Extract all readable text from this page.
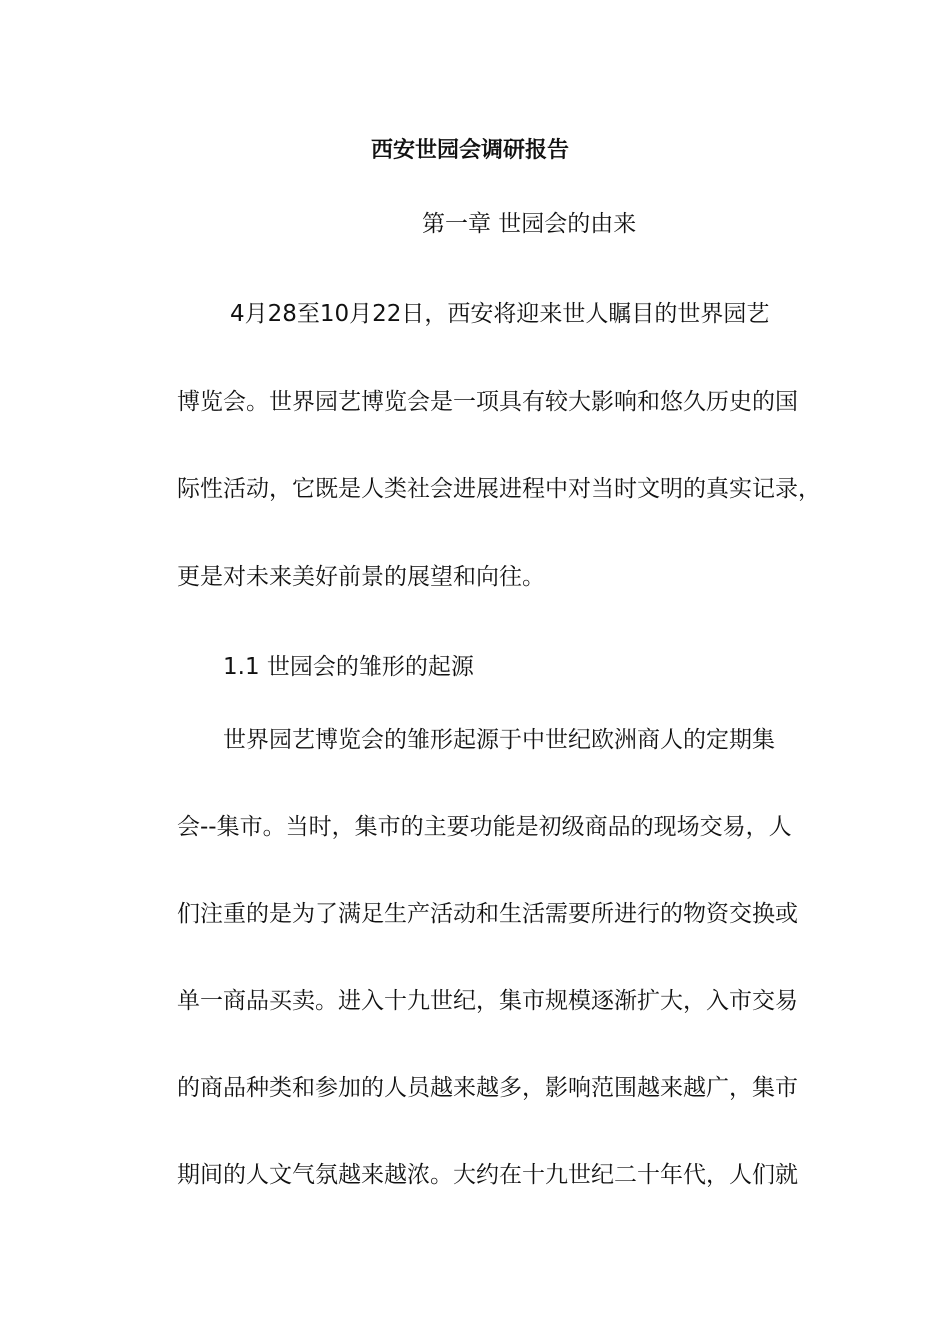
西安世园会调研报告
第一章 世园会的由来
4月28至10月22日，西安将迎来世人瞩目的世界园艺
博览会。世界园艺博览会是一项具有较大影响和悠久历史的国
际性活动，它既是人类社会进展进程中对当时文明的真实记录，
更是对未来美好前景的展望和向往。
1.1 世园会的雏形的起源
世界园艺博览会的雏形起源于中世纪欧洲商人的定期集
会--集市。当时，集市的主要功能是初级商品的现场交易，人
们注重的是为了满足生产活动和生活需要所进行的物资交换或
单一商品买卖。进入十九世纪，集市规模逐渐扩大，入市交易
的商品种类和参加的人员越来越多，影响范围越来越广，集市
期间的人文气氛越来越浓。大约在十九世纪二十年代，人们就
